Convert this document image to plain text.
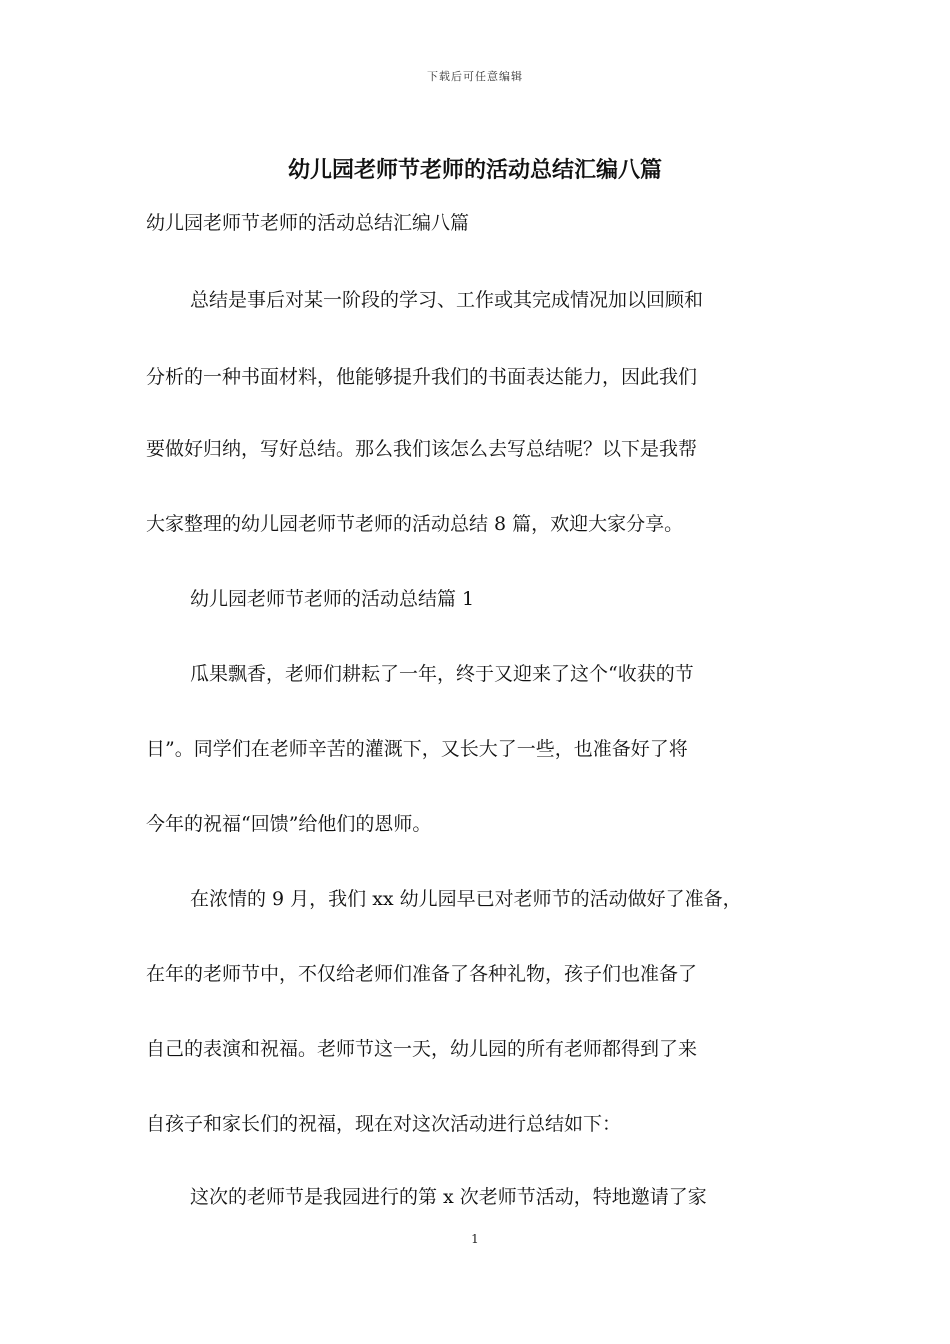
下载后可任意编辑
幼儿园老师节老师的活动总结汇编八篇
幼儿园老师节老师的活动总结汇编八篇
总结是事后对某一阶段的学习、工作或其完成情况加以回顾和
分析的一种书面材料，他能够提升我们的书面表达能力，因此我们
要做好归纳，写好总结。那么我们该怎么去写总结呢？以下是我帮
大家整理的幼儿园老师节老师的活动总结 8 篇，欢迎大家分享。
幼儿园老师节老师的活动总结篇 1
瓜果飘香，老师们耕耘了一年，终于又迎来了这个“收获的节
日”。同学们在老师辛苦的灌溉下，又长大了一些，也准备好了将
今年的祝福“回馈”给他们的恩师。
在浓情的 9 月，我们 xx 幼儿园早已对老师节的活动做好了准备，
在年的老师节中，不仅给老师们准备了各种礼物，孩子们也准备了
自己的表演和祝福。老师节这一天，幼儿园的所有老师都得到了来
自孩子和家长们的祝福，现在对这次活动进行总结如下：
这次的老师节是我园进行的第 x 次老师节活动，特地邀请了家
1
